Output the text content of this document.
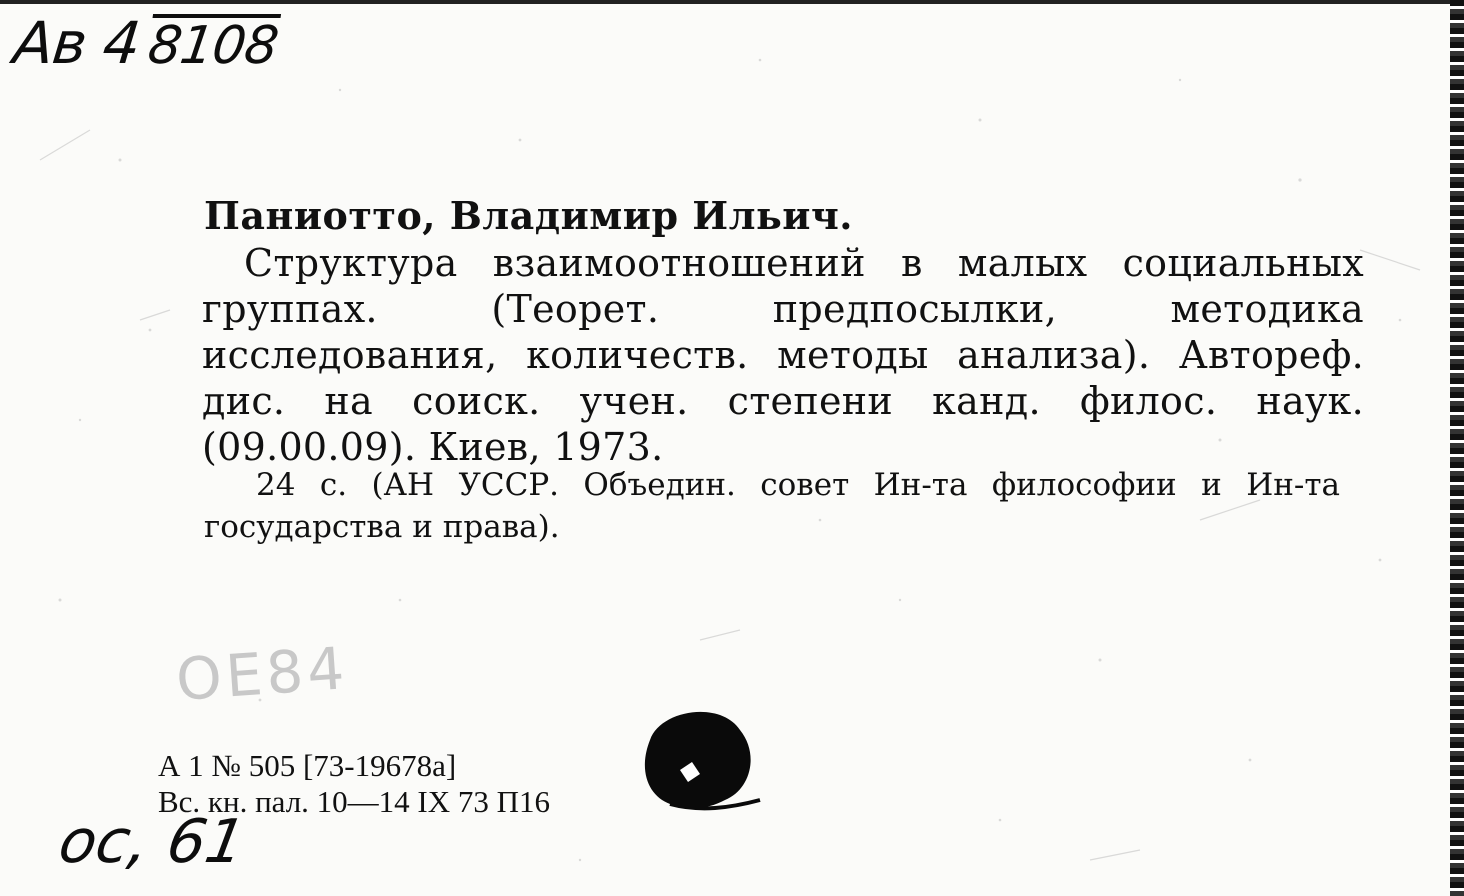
Ав 48108
Паниотто, Владимир Ильич.
Структура взаимоотношений в малых социальных группах. (Теорет. предпосылки, методика исследования, количеств. методы анализа). Автореф. дис. на соиск. учен. степени канд. филос. наук. (09.00.09). Киев, 1973.
24 с. (АН УССР. Объедин. совет Ин-та философии и Ин-та государства и права).
ОЕ84
А 1 № 505 [73-19678а]
Вс. кн. пал. 10—14 IX 73 П16
ос, 61
